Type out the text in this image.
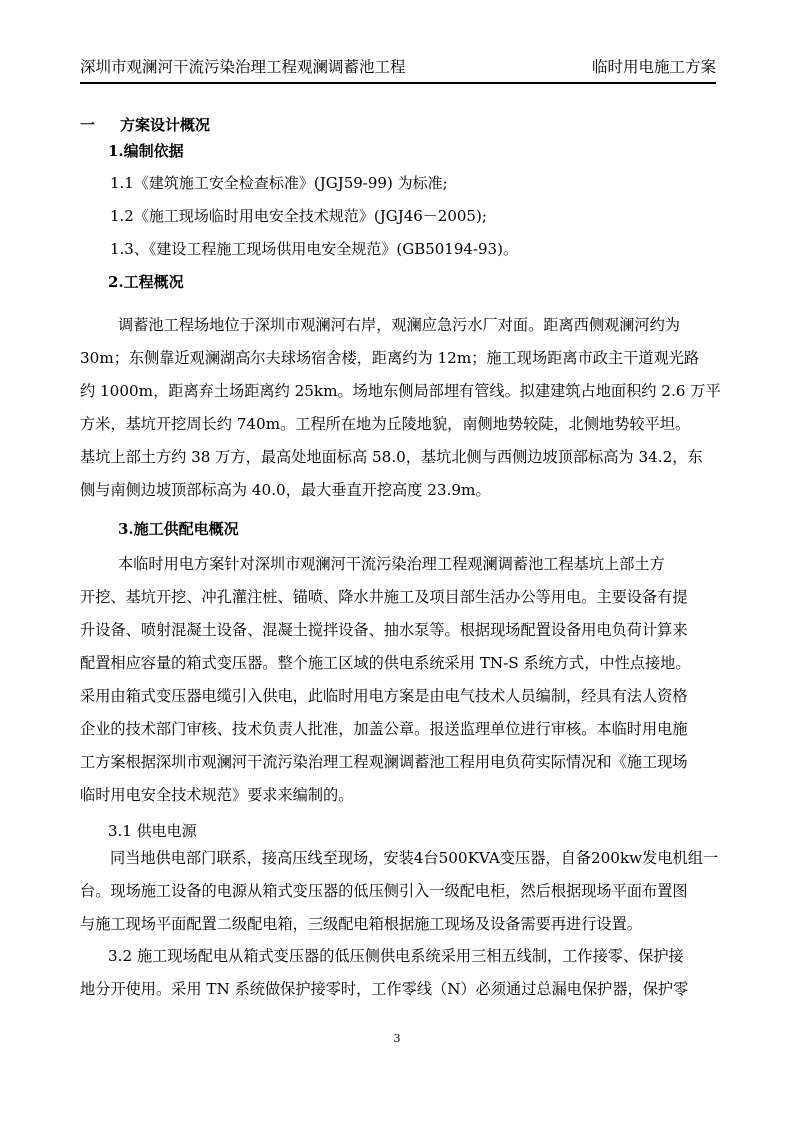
深圳市观澜河干流污染治理工程观澜调蓄池工程	临时用电施工方案
一 方案设计概况
1.编制依据
1.1《建筑施工安全检查标准》(JGJ59-99) 为标准;
1.2《施工现场临时用电安全技术规范》(JGJ46－2005);
1.3、《建设工程施工现场供用电安全规范》(GB50194-93)。
2.工程概况
调蓄池工程场地位于深圳市观澜河右岸，观澜应急污水厂对面。距离西侧观澜河约为
30m；东侧靠近观澜湖高尔夫球场宿舍楼，距离约为 12m；施工现场距离市政主干道观光路
约 1000m，距离弃土场距离约 25km。场地东侧局部埋有管线。拟建建筑占地面积约 2.6 万平
方米，基坑开挖周长约 740m。工程所在地为丘陵地貌，南侧地势较陡，北侧地势较平坦。
基坑上部土方约 38 万方，最高处地面标高 58.0，基坑北侧与西侧边坡顶部标高为 34.2，东
侧与南侧边坡顶部标高为 40.0，最大垂直开挖高度 23.9m。
3.施工供配电概况
本临时用电方案针对深圳市观澜河干流污染治理工程观澜调蓄池工程基坑上部土方
开挖、基坑开挖、冲孔灌注桩、锚喷、降水井施工及项目部生活办公等用电。主要设备有提
升设备、喷射混凝土设备、混凝土搅拌设备、抽水泵等。根据现场配置设备用电负荷计算来
配置相应容量的箱式变压器。整个施工区域的供电系统采用 TN-S 系统方式，中性点接地。
采用由箱式变压器电缆引入供电，此临时用电方案是由电气技术人员编制，经具有法人资格
企业的技术部门审核、技术负责人批准，加盖公章。报送监理单位进行审核。本临时用电施
工方案根据深圳市观澜河干流污染治理工程观澜调蓄池工程用电负荷实际情况和《施工现场
临时用电安全技术规范》要求来编制的。
3.1 供电电源
同当地供电部门联系，接高压线至现场，安装4台500KVA变压器，自备200kw发电机组一
台。现场施工设备的电源从箱式变压器的低压侧引入一级配电柜，然后根据现场平面布置图
与施工现场平面配置二级配电箱，三级配电箱根据施工现场及设备需要再进行设置。
3.2 施工现场配电从箱式变压器的低压侧供电系统采用三相五线制，工作接零、保护接
地分开使用。采用 TN 系统做保护接零时，工作零线（N）必须通过总漏电保护器，保护零
3
